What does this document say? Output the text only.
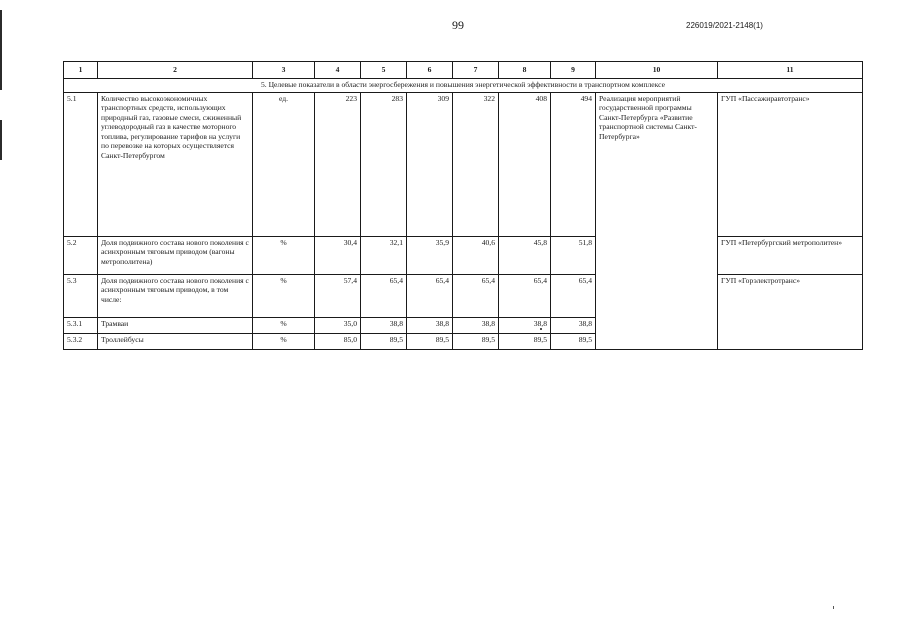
99	226019/2021-2148(1)
1	2	3	4	5	6	7	8	9	10	11
5. Целевые показатели в области энергосбережения и повышения энергетической эффективности в транспортном комплексе										
5.1	Количество высокоэкономичных транспортных средств, использующих природный газ, газовые смеси, сжиженный углеводородный газ в качестве моторного топлива, регулирование тарифов на услуги по перевозке на которых осуществляется Санкт-Петербургом	ед.	223	283	309	322	408	494	Реализация мероприятий государственной программы Санкт-Петербурга «Развитие транспортной системы Санкт-Петербурга»	ГУП «Пассажиравтотранс»
5.2	Доля подвижного состава нового поколения с асинхронным тяговым приводом (вагоны метрополитена)	%	30,4	32,1	35,9	40,6	45,8	51,8		ГУП «Петербургский метрополитен»
5.3	Доля подвижного состава нового поколения с асинхронным тяговым приводом, в том числе:	%	57,4	65,4	65,4	65,4	65,4	65,4		ГУП «Горэлектротранс»
5.3.1	Трамваи	%	35,0	38,8	38,8	38,8	38,8	38,8		
5.3.2	Троллейбусы	%	85,0	89,5	89,5	89,5	89,5	89,5		
